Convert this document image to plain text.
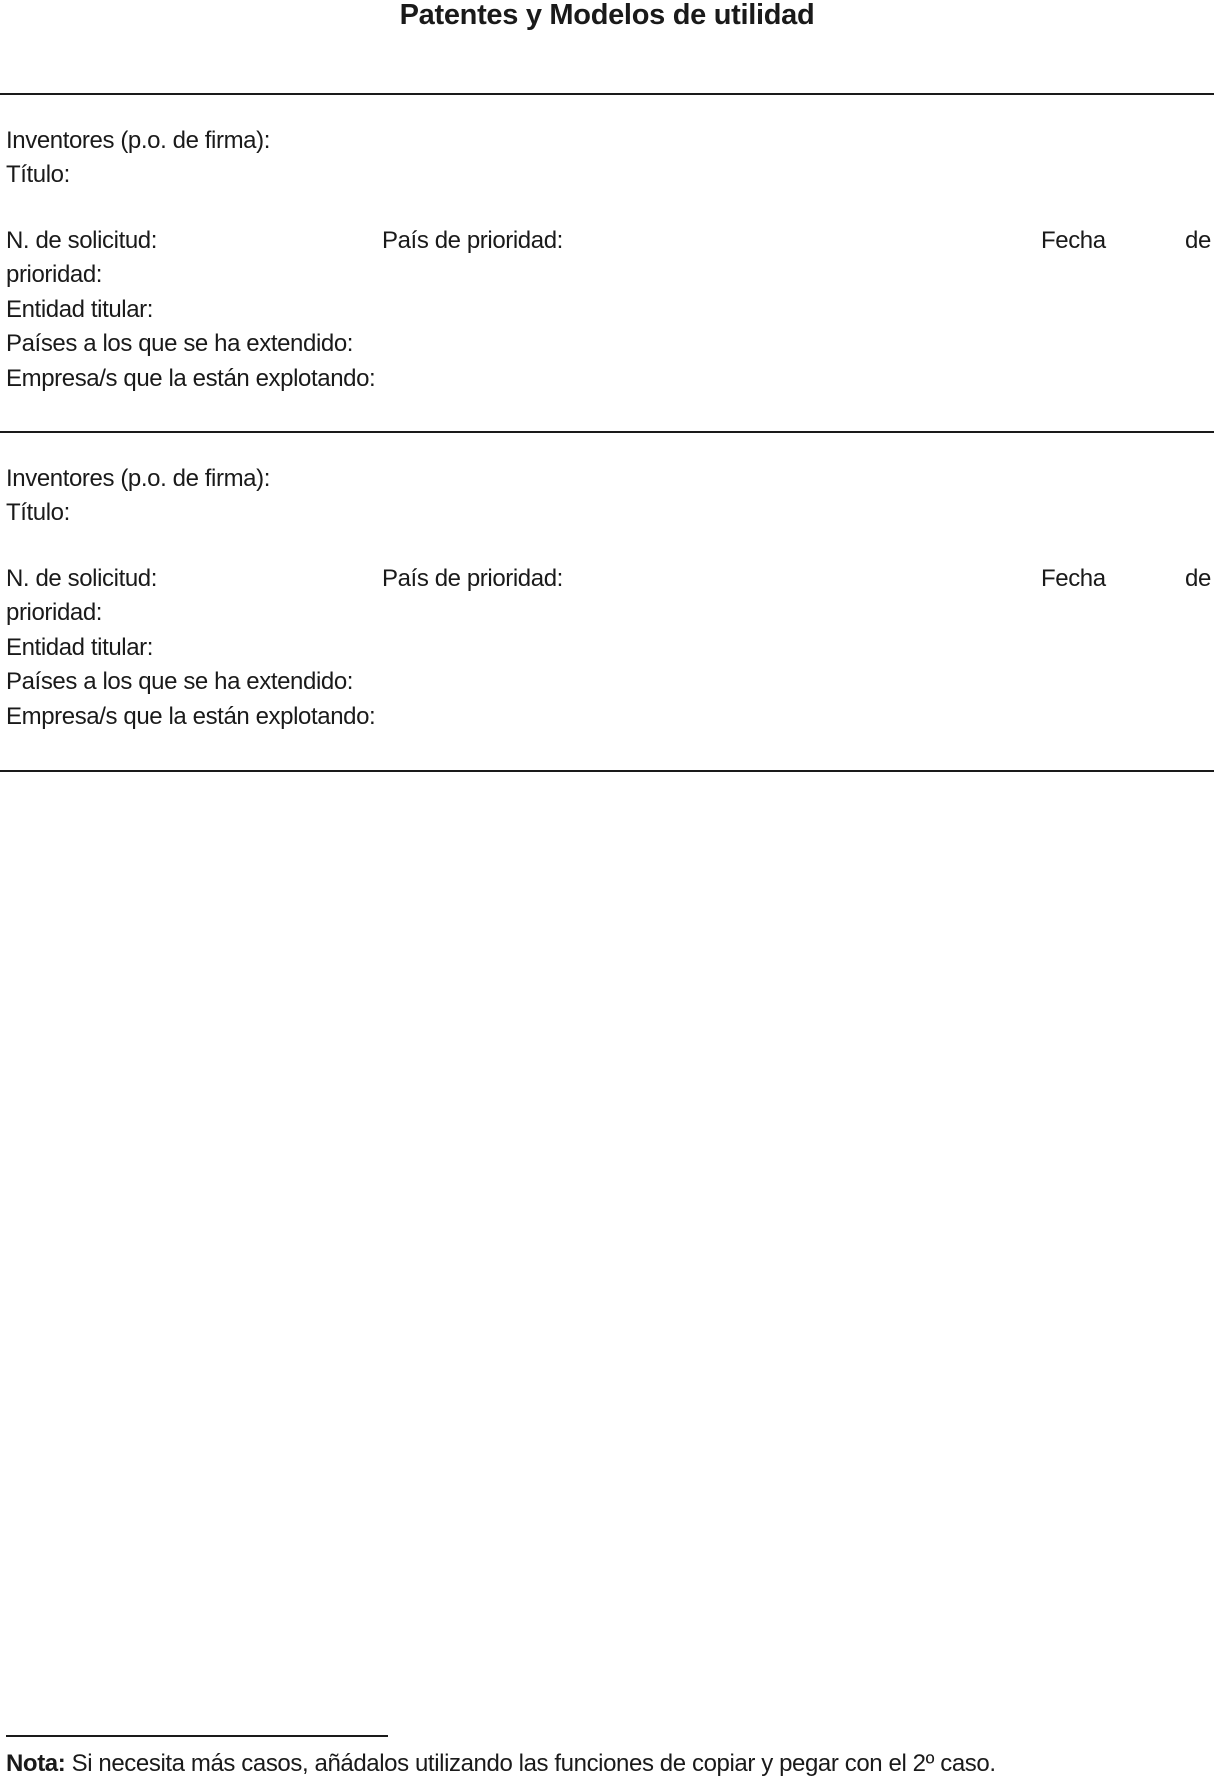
Patentes y Modelos de utilidad
Inventores (p.o. de firma):
Título:
N. de solicitud:	País de prioridad:	Fecha	de
prioridad:
Entidad titular:
Países a los que se ha extendido:
Empresa/s que la están explotando:
Inventores (p.o. de firma):
Título:
N. de solicitud:	País de prioridad:	Fecha	de
prioridad:
Entidad titular:
Países a los que se ha extendido:
Empresa/s que la están explotando:
Nota: Si necesita más casos, añádalos utilizando las funciones de copiar y pegar con el 2º caso.
